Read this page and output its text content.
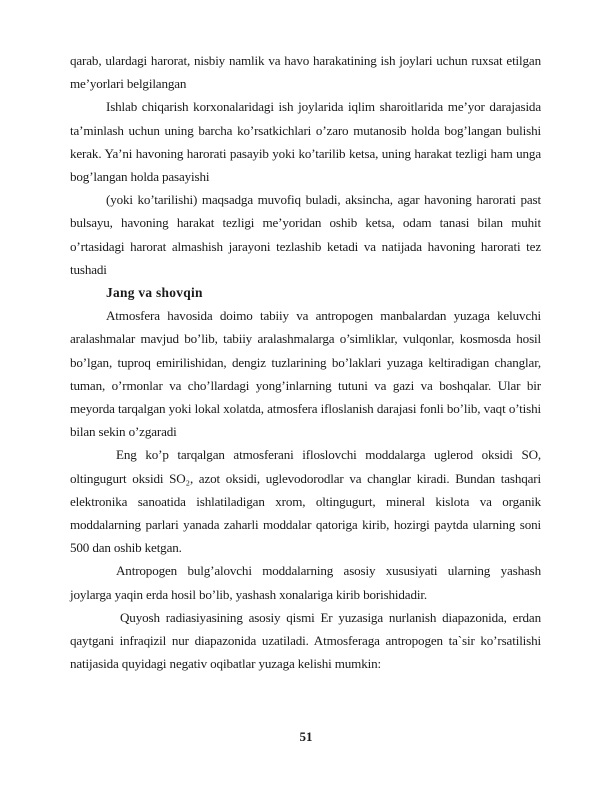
qarab, ulardagi harorat, nisbiy namlik va havo harakatining ish joylari uchun ruxsat etilgan me’yorlari belgilangan

Ishlab chiqarish korxonalaridagi ish joylarida iqlim sharoitlarida me’yor darajasida ta’minlash uchun uning barcha ko’rsatkichlari o’zaro mutanosib holda bog’langan bulishi kerak. Ya’ni havoning harorati pasayib yoki ko’tarilib ketsa, uning harakat tezligi ham unga bog’langan holda pasayishi

(yoki ko’tarilishi) maqsadga muvofiq buladi, aksincha, agar havoning harorati past bulsayu, havoning harakat tezligi me’yoridan oshib ketsa, odam tanasi bilan muhit o’rtasidagi harorat almashish jarayoni tezlashib ketadi va natijada havoning harorati tez tushadi

Jang va shovqin

Atmosfera havosida doimo tabiiy va antropogen manbalardan yuzaga keluvchi aralashmalar mavjud bo’lib, tabiiy aralashmalarga o’simliklar, vulqonlar, kosmosda hosil bo’lgan, tuproq emirilishidan, dengiz tuzlarining bo’laklari yuzaga keltiradigan changlar, tuman, o’rmonlar va cho’llardagi yong’inlarning tutuni va gazi va boshqalar. Ular bir meyorda tarqalgan yoki lokal xolatda, atmosfera ifloslanish darajasi fonli bo’lib, vaqt o’tishi bilan sekin o’zgaradi

Eng ko’p tarqalgan atmosferani ifloslovchi moddalarga uglerod oksidi SO, oltingugurt oksidi SO₂, azot oksidi, uglevodorodlar va changlar kiradi. Bundan tashqari elektronika sanoatida ishlatiladigan xrom, oltingugurt, mineral kislota va organik moddalarning parlari yanada zaharli moddalar qatoriga kirib, hozirgi paytda ularning soni 500 dan oshib ketgan.

Antropogen bulg’alovchi moddalarning asosiy xususiyati ularning yashash joylarga yaqin erda hosil bo’lib, yashash xonalariga kirib borishidadir.

Quyosh radiasiyasining asosiy qismi Er yuzasiga nurlanish diapazonida, erdan qaytgani infraqizil nur diapazonida uzatiladi. Atmosferaga antropogen ta`sir ko’rsatilishi natijasida quyidagi negativ oqibatlar yuzaga kelishi mumkin:

51
